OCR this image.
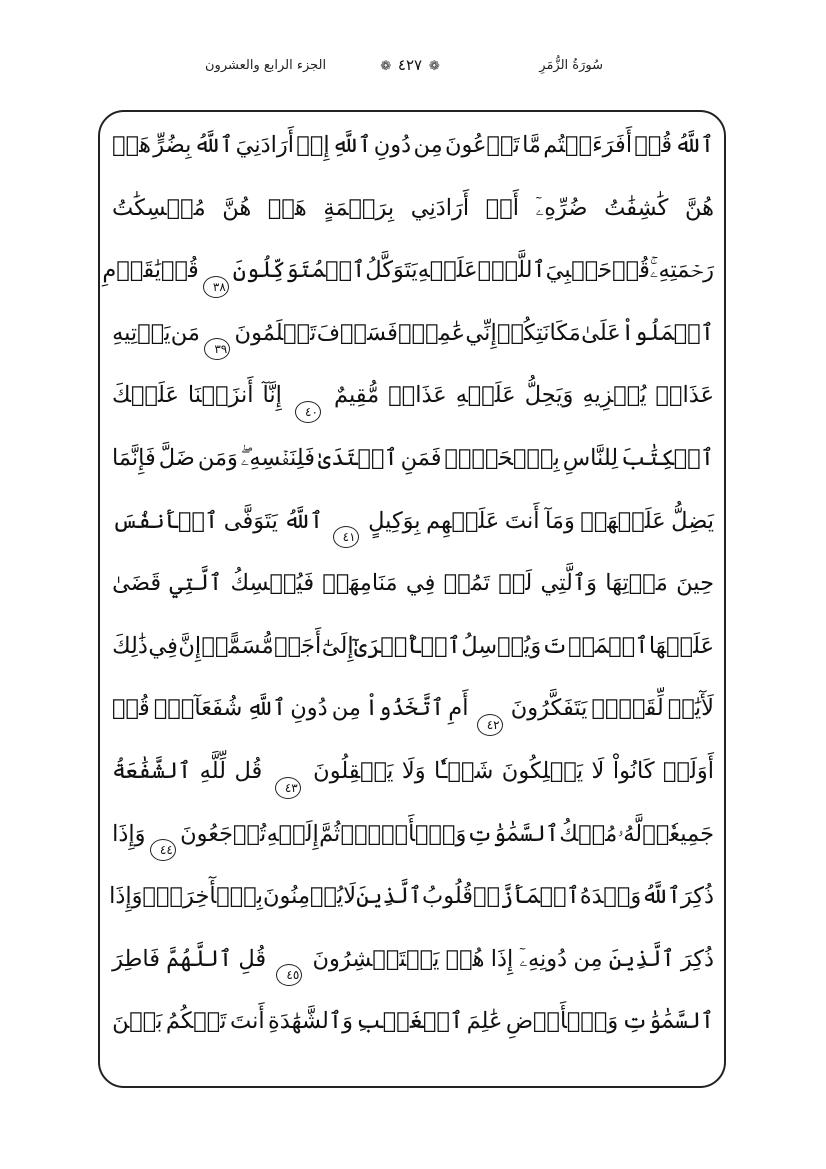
سُورَةُ الزُّمَرِ
❁ ٤٢٧ ❁
الجزء الرابع والعشرون
ٱللَّهُ
قُلۡ
أَفَرَءَيۡتُم
مَّا
تَدۡعُونَ
مِن
دُونِ
ٱللَّهِ
إِنۡ
أَرَادَنِيَ
ٱللَّهُ
بِضُرٍّ
هَلۡ
هُنَّ
كَٰشِفَٰتُ
ضُرِّهِۦٓ
أَوۡ
أَرَادَنِي
بِرَحۡمَةٍ
هَلۡ
هُنَّ
مُمۡسِكَٰتُ
رَحۡمَتِهِۦۚ
قُلۡ
حَسۡبِيَ
ٱللَّهُۖ
عَلَيۡهِ
يَتَوَكَّلُ
ٱلۡمُتَوَكِّلُونَ
٣٨
قُلۡ
يَٰقَوۡمِ
ٱعۡمَلُواْ
عَلَىٰ
مَكَانَتِكُمۡ
إِنِّي
عَٰمِلٞۖ
فَسَوۡفَ
تَعۡلَمُونَ
٣٩
مَن
يَأۡتِيهِ
عَذَابٞ
يُخۡزِيهِ
وَيَحِلُّ
عَلَيۡهِ
عَذَابٞ
مُّقِيمٌ
٤٠
إِنَّآ
أَنزَلۡنَا
عَلَيۡكَ
ٱلۡكِتَٰبَ
لِلنَّاسِ
بِٱلۡحَقِّۖ
فَمَنِ
ٱهۡتَدَىٰ
فَلِنَفۡسِهِۦۖ
وَمَن
ضَلَّ
فَإِنَّمَا
يَضِلُّ
عَلَيۡهَاۖ
وَمَآ
أَنتَ
عَلَيۡهِم
بِوَكِيلٍ
٤١
ٱللَّهُ
يَتَوَفَّى
ٱلۡأَنفُسَ
حِينَ
مَوۡتِهَا
وَٱلَّتِي
لَمۡ
تَمُتۡ
فِي
مَنَامِهَاۖ
فَيُمۡسِكُ
ٱلَّتِي
قَضَىٰ
عَلَيۡهَا
ٱلۡمَوۡتَ
وَيُرۡسِلُ
ٱلۡأُخۡرَىٰٓ
إِلَىٰٓ
أَجَلٖ
مُّسَمًّىۚ
إِنَّ
فِي
ذَٰلِكَ
لَأٓيَٰتٖ
لِّقَوۡمٖ
يَتَفَكَّرُونَ
٤٢
أَمِ
ٱتَّخَذُواْ
مِن
دُونِ
ٱللَّهِ
شُفَعَآءَۚ
قُلۡ
أَوَلَوۡ
كَانُواْ
لَا
يَمۡلِكُونَ
شَيۡـٔٗا
وَلَا
يَعۡقِلُونَ
٤٣
قُل
لِّلَّهِ
ٱلشَّفَٰعَةُ
جَمِيعٗاۖ
لَّهُۥ
مُلۡكُ
ٱلسَّمَٰوَٰتِ
وَٱلۡأَرۡضِۖ
ثُمَّ
إِلَيۡهِ
تُرۡجَعُونَ
٤٤
وَإِذَا
ذُكِرَ
ٱللَّهُ
وَحۡدَهُ
ٱشۡمَأَزَّتۡ
قُلُوبُ
ٱلَّذِينَ
لَا
يُؤۡمِنُونَ
بِٱلۡأٓخِرَةِۖ
وَإِذَا
ذُكِرَ
ٱلَّذِينَ
مِن
دُونِهِۦٓ
إِذَا
هُمۡ
يَسۡتَبۡشِرُونَ
٤٥
قُلِ
ٱللَّهُمَّ
فَاطِرَ
ٱلسَّمَٰوَٰتِ
وَٱلۡأَرۡضِ
عَٰلِمَ
ٱلۡغَيۡبِ
وَٱلشَّهَٰدَةِ
أَنتَ
تَحۡكُمُ
بَيۡنَ
